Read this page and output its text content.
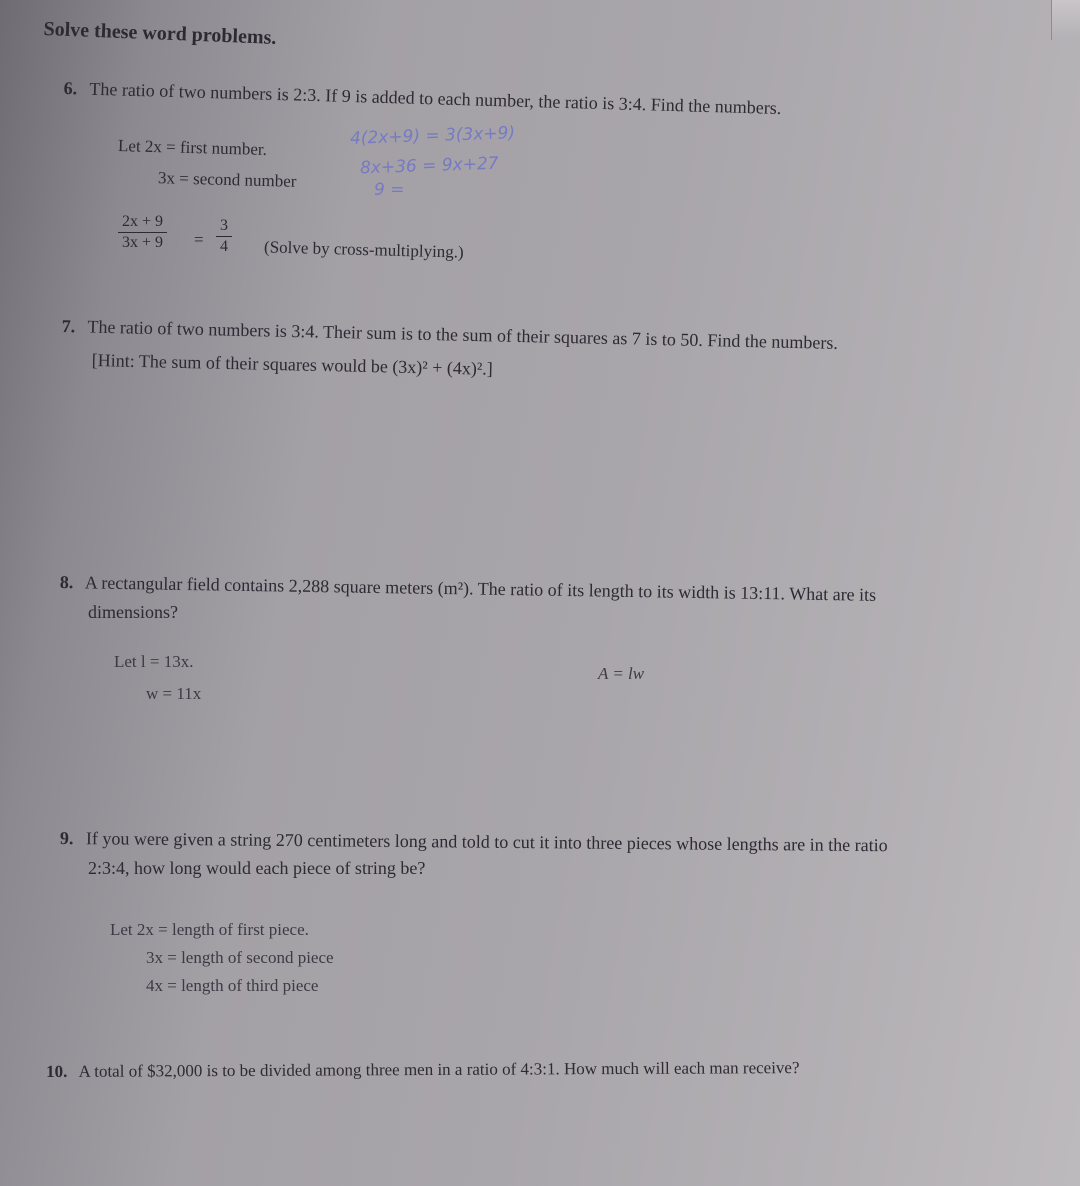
Solve these word problems.
6. The ratio of two numbers is 2:3. If 9 is added to each number, the ratio is 3:4. Find the numbers.
4(2x+9) = 3(3x+9)
8x+36 = 9x+27
9 =
Let 2x = first number.
3x = second number
$\frac{2x + 9}{3x + 9} = \frac{3}{4}$ (Solve by cross-multiplying.)
7. The ratio of two numbers is 3:4. Their sum is to the sum of their squares as 7 is to 50. Find the numbers.
[Hint: The sum of their squares would be (3x)² + (4x)².]
8. A rectangular field contains 2,288 square meters (m²). The ratio of its length to its width is 13:11. What are its
dimensions?
Let l = 13x.
w = 11x
A = lw
9. If you were given a string 270 centimeters long and told to cut it into three pieces whose lengths are in the ratio
2:3:4, how long would each piece of string be?
Let 2x = length of first piece.
3x = length of second piece
4x = length of third piece
10. A total of $32,000 is to be divided among three men in a ratio of 4:3:1. How much will each man receive?
